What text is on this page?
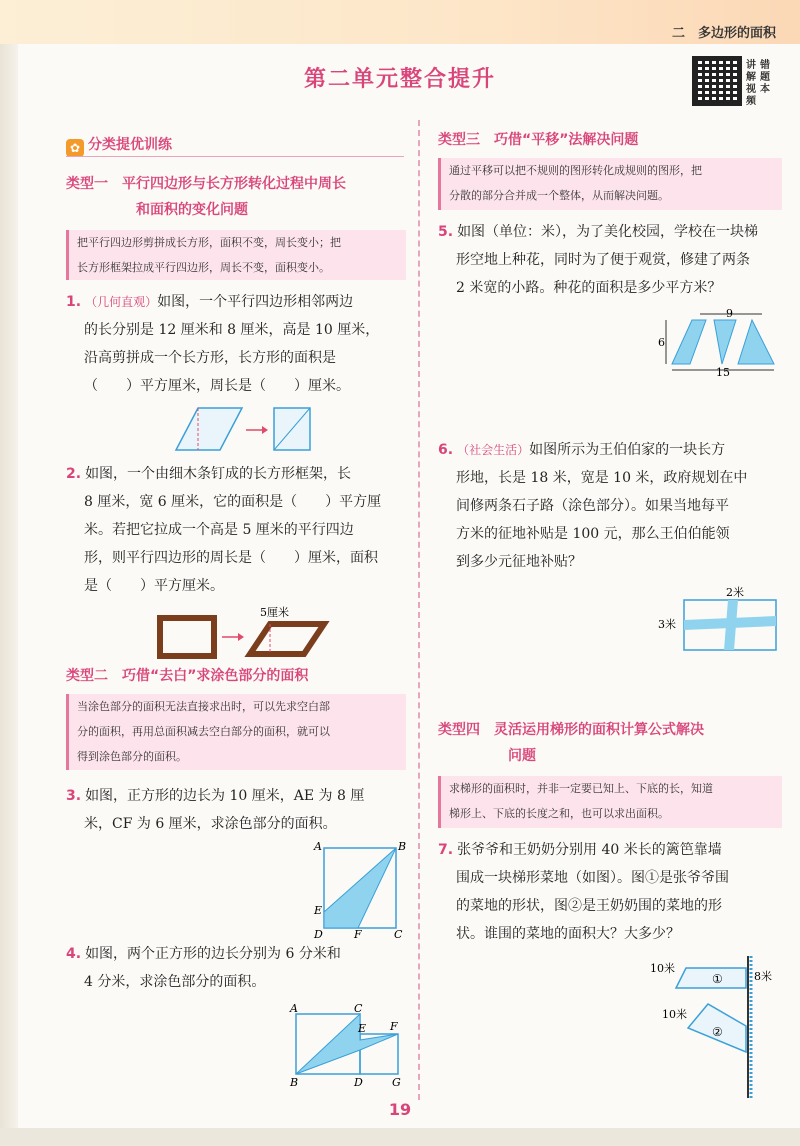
二　多边形的面积
第二单元整合提升
讲解视频
错题本
✿ 分类提优训练
类型一　平行四边形与长方形转化过程中周长
和面积的变化问题
把平行四边形剪拼成长方形，面积不变，周长变小；把
长方形框架拉成平行四边形，周长不变，面积变小。
1. （几何直观）如图，一个平行四边形相邻两边
的长分别是 12 厘米和 8 厘米，高是 10 厘米，
沿高剪拼成一个长方形，长方形的面积是
（　　）平方厘米，周长是（　　）厘米。
2. 如图，一个由细木条钉成的长方形框架，长
8 厘米，宽 6 厘米，它的面积是（　　）平方厘
米。若把它拉成一个高是 5 厘米的平行四边
形，则平行四边形的周长是（　　）厘米，面积
是（　　）平方厘米。
5厘米
类型二　巧借“去白”求涂色部分的面积
当涂色部分的面积无法直接求出时，可以先求空白部
分的面积，再用总面积减去空白部分的面积，就可以
得到涂色部分的面积。
3. 如图，正方形的边长为 10 厘米，AE 为 8 厘
米，CF 为 6 厘米，求涂色部分的面积。
A	B
E
D	F	C
4. 如图，两个正方形的边长分别为 6 分米和
4 分米，求涂色部分的面积。
A	C
E F
B	D	G
类型三　巧借“平移”法解决问题
通过平移可以把不规则的图形转化成规则的图形，把
分散的部分合并成一个整体，从而解决问题。
5. 如图（单位：米），为了美化校园，学校在一块梯
形空地上种花，同时为了便于观赏，修建了两条
2 米宽的小路。种花的面积是多少平方米？
9
6
15
6. （社会生活）如图所示为王伯伯家的一块长方
形地，长是 18 米，宽是 10 米，政府规划在中
间修两条石子路（涂色部分）。如果当地每平
方米的征地补贴是 100 元，那么王伯伯能领
到多少元征地补贴？
2米
3米
类型四　灵活运用梯形的面积计算公式解决
问题
求梯形的面积时，并非一定要已知上、下底的长，知道
梯形上、下底的长度之和，也可以求出面积。
7. 张爷爷和王奶奶分别用 40 米长的篱笆靠墙
围成一块梯形菜地（如图）。图①是张爷爷围
的菜地的形状，图②是王奶奶围的菜地的形
状。谁围的菜地的面积大？大多少？
①
10米
8米
②
10米
19
